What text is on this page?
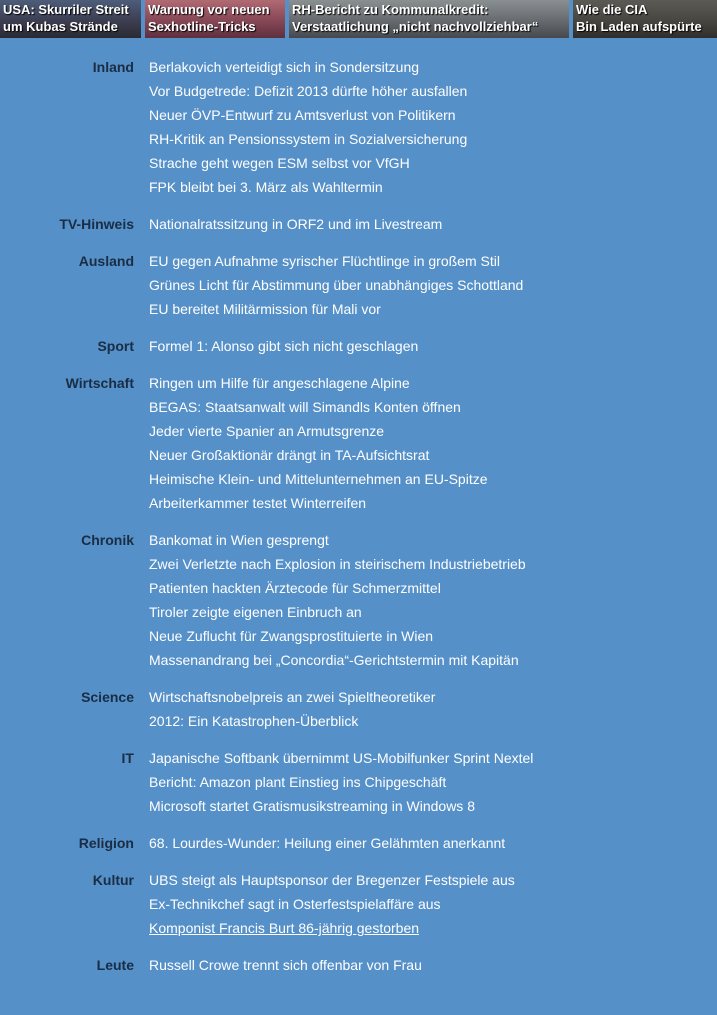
USA: Skurriler Streit
um Kubas Strände
Warnung vor neuen
Sexhotline-Tricks
RH-Bericht zu Kommunalkredit:
Verstaatlichung „nicht nachvollziehbar“
Wie die CIA
Bin Laden aufspürte
Inland Berlakovich verteidigt sich in Sondersitzung
Vor Budgetrede: Defizit 2013 dürfte höher ausfallen
Neuer ÖVP-Entwurf zu Amtsverlust von Politikern
RH-Kritik an Pensionssystem in Sozialversicherung
Strache geht wegen ESM selbst vor VfGH
FPK bleibt bei 3. März als Wahltermin
TV-Hinweis Nationalratssitzung in ORF2 und im Livestream
Ausland EU gegen Aufnahme syrischer Flüchtlinge in großem Stil
Grünes Licht für Abstimmung über unabhängiges Schottland
EU bereitet Militärmission für Mali vor
Sport Formel 1: Alonso gibt sich nicht geschlagen
Wirtschaft Ringen um Hilfe für angeschlagene Alpine
BEGAS: Staatsanwalt will Simandls Konten öffnen
Jeder vierte Spanier an Armutsgrenze
Neuer Großaktionär drängt in TA-Aufsichtsrat
Heimische Klein- und Mittelunternehmen an EU-Spitze
Arbeiterkammer testet Winterreifen
Chronik Bankomat in Wien gesprengt
Zwei Verletzte nach Explosion in steirischem Industriebetrieb
Patienten hackten Ärztecode für Schmerzmittel
Tiroler zeigte eigenen Einbruch an
Neue Zuflucht für Zwangsprostituierte in Wien
Massenandrang bei „Concordia“-Gerichtstermin mit Kapitän
Science Wirtschaftsnobelpreis an zwei Spieltheoretiker
2012: Ein Katastrophen-Überblick
IT Japanische Softbank übernimmt US-Mobilfunker Sprint Nextel
Bericht: Amazon plant Einstieg ins Chipgeschäft
Microsoft startet Gratismusikstreaming in Windows 8
Religion 68. Lourdes-Wunder: Heilung einer Gelähmten anerkannt
Kultur UBS steigt als Hauptsponsor der Bregenzer Festspiele aus
Ex-Technikchef sagt in Osterfestspielaffäre aus
Komponist Francis Burt 86-jährig gestorben
Leute Russell Crowe trennt sich offenbar von Frau
